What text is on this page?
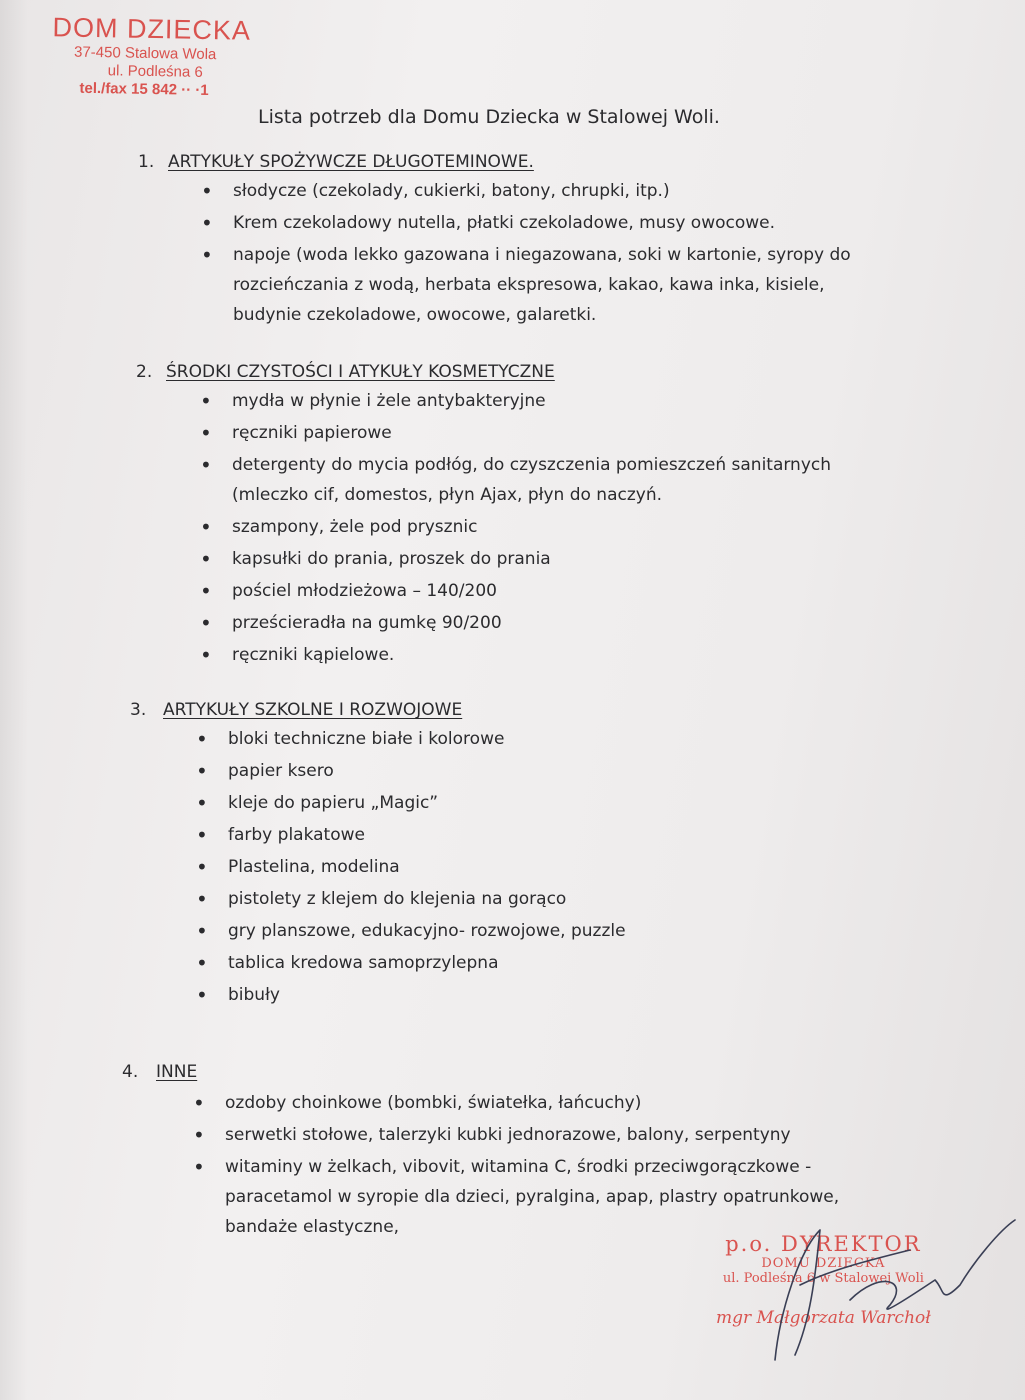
DOM DZIECKA
37-450 Stalowa Wola
ul. Podleśna 6
tel./fax 15 842 ·· ·1
Lista potrzeb dla Domu Dziecka w Stalowej Woli.
1. ARTYKUŁY SPOŻYWCZE DŁUGOTEMINOWE.
• słodycze (czekolady, cukierki, batony, chrupki, itp.)
• Krem czekoladowy nutella, płatki czekoladowe, musy owocowe.
• napoje (woda lekko gazowana i niegazowana, soki w kartonie, syropy do rozcieńczania z wodą, herbata ekspresowa, kakao, kawa inka, kisiele, budynie czekoladowe, owocowe, galaretki.
2. ŚRODKI CZYSTOŚCI I ATYKUŁY KOSMETYCZNE
• mydła w płynie i żele antybakteryjne
• ręczniki papierowe
• detergenty do mycia podłóg, do czyszczenia pomieszczeń sanitarnych (mleczko cif, domestos, płyn Ajax, płyn do naczyń.
• szampony, żele pod prysznic
• kapsułki do prania, proszek do prania
• pościel młodzieżowa – 140/200
• prześcieradła na gumkę 90/200
• ręczniki kąpielowe.
3. ARTYKUŁY SZKOLNE I ROZWOJOWE
• bloki techniczne białe i kolorowe
• papier ksero
• kleje do papieru „Magic”
• farby plakatowe
• Plastelina, modelina
• pistolety z klejem do klejenia na gorąco
• gry planszowe, edukacyjno- rozwojowe, puzzle
• tablica kredowa samoprzylepna
• bibuły
4.	INNE
• ozdoby choinkowe (bombki, światełka, łańcuchy)
• serwetki stołowe, talerzyki kubki jednorazowe, balony, serpentyny
• witaminy w żelkach, vibovit, witamina C, środki przeciwgorączkowe - paracetamol w syropie dla dzieci, pyralgina, apap, plastry opatrunkowe, bandaże elastyczne,
p.o. DYREKTOR
DOMU DZIECKA
ul. Podleśna 6 w Stalowej Woli
mgr Małgorzata Warchoł
